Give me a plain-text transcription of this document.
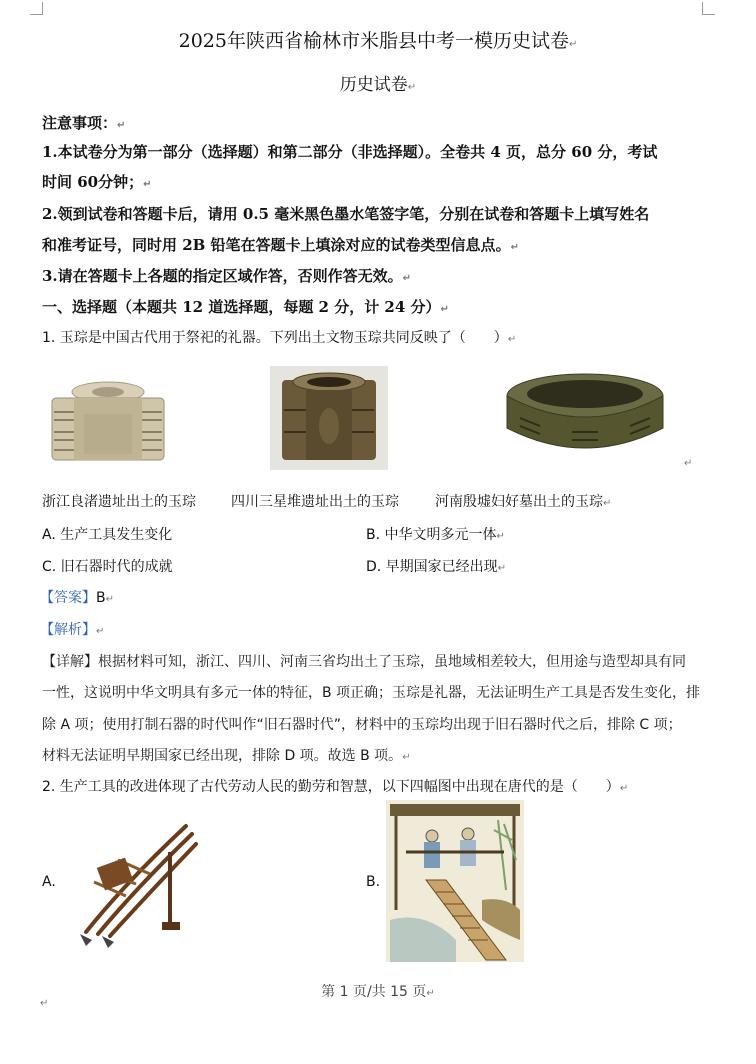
2025年陕西省榆林市米脂县中考一模历史试卷↵
历史试卷↵
注意事项：↵
1.本试卷分为第一部分（选择题）和第二部分（非选择题）。全卷共 4 页，总分 60 分，考试
时间 60分钟；↵
2.领到试卷和答题卡后，请用 0.5 毫米黑色墨水笔签字笔，分别在试卷和答题卡上填写姓名
和准考证号，同时用 2B 铅笔在答题卡上填涂对应的试卷类型信息点。↵
3.请在答题卡上各题的指定区域作答，否则作答无效。↵
一、选择题（本题共 12 道选择题，每题 2 分，计 24 分）↵
1. 玉琮是中国古代用于祭祀的礼器。下列出土文物玉琮共同反映了（　　）↵
↵
浙江良渚遗址出土的玉琮	四川三星堆遗址出土的玉琮	河南殷墟妇好墓出土的玉琮↵
A. 生产工具发生变化	B. 中华文明多元一体↵
C. 旧石器时代的成就	D. 早期国家已经出现↵
【答案】B↵
【解析】↵
【详解】根据材料可知，浙江、四川、河南三省均出土了玉琮，虽地域相差较大，但用途与造型却具有同
一性，这说明中华文明具有多元一体的特征，B 项正确；玉琮是礼器，无法证明生产工具是否发生变化，排
除 A 项；使用打制石器的时代叫作“旧石器时代”，材料中的玉琮均出现于旧石器时代之后，排除 C 项；
材料无法证明早期国家已经出现，排除 D 项。故选 B 项。↵
2. 生产工具的改进体现了古代劳动人民的勤劳和智慧，以下四幅图中出现在唐代的是（　　）↵
A.	B.
第 1 页/共 15 页↵
↵
